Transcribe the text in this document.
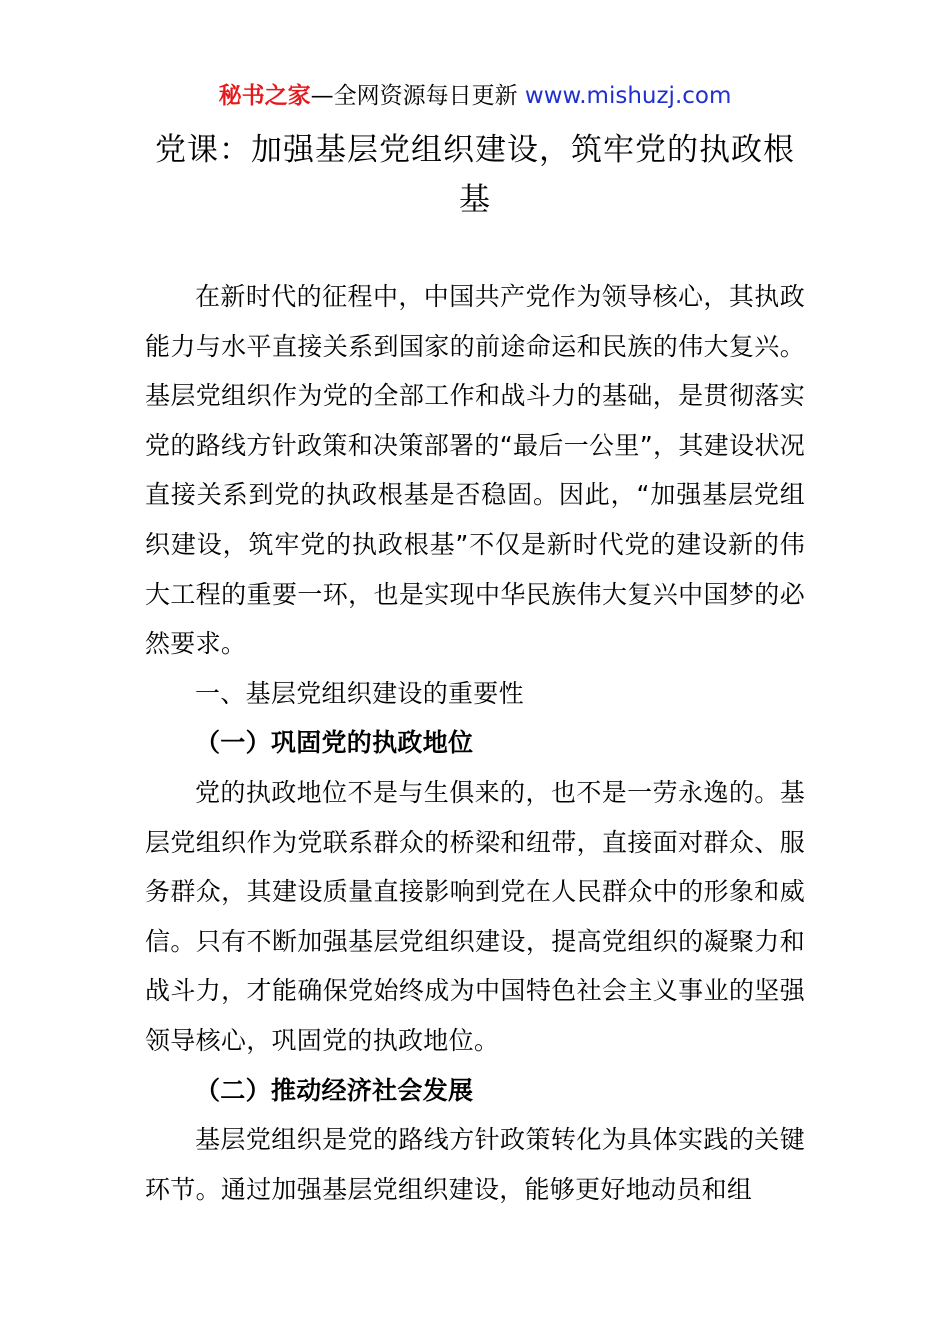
秘书之家—全网资源每日更新 www.mishuzj.com
党课：加强基层党组织建设，筑牢党的执政根基

在新时代的征程中，中国共产党作为领导核心，其执政能力与水平直接关系到国家的前途命运和民族的伟大复兴。基层党组织作为党的全部工作和战斗力的基础，是贯彻落实党的路线方针政策和决策部署的“最后一公里”，其建设状况直接关系到党的执政根基是否稳固。因此，“加强基层党组织建设，筑牢党的执政根基”不仅是新时代党的建设新的伟大工程的重要一环，也是实现中华民族伟大复兴中国梦的必然要求。

一、基层党组织建设的重要性

（一）巩固党的执政地位

党的执政地位不是与生俱来的，也不是一劳永逸的。基层党组织作为党联系群众的桥梁和纽带，直接面对群众、服务群众，其建设质量直接影响到党在人民群众中的形象和威信。只有不断加强基层党组织建设，提高党组织的凝聚力和战斗力，才能确保党始终成为中国特色社会主义事业的坚强领导核心，巩固党的执政地位。

（二）推动经济社会发展

基层党组织是党的路线方针政策转化为具体实践的关键环节。通过加强基层党组织建设，能够更好地动员和组
